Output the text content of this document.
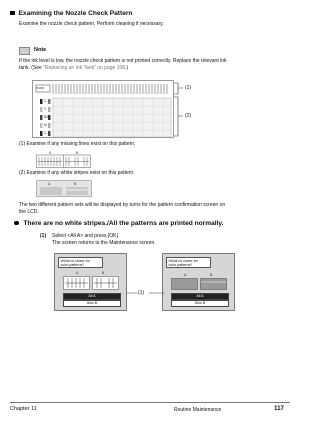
Examining the Nozzle Check Pattern
Examine the nozzle check pattern. Perform cleaning if necessary.
Note
If the ink level is low, the nozzle check pattern is not printed correctly. Replace the relevant ink
tank. (See "Replacing an Ink Tank" on page 108.)
PGBK
C
Y
BK
M
C
(1)
(2)
(1) Examine if any missing lines exist on this pattern.
A	B
(2) Examine if any white stripes exist on this pattern.
A	B
The two different pattern sets will be displayed by turns for the pattern confirmation screen on
the LCD.
There are no white stripes./All the patterns are printed normally.
(1) Select <All A> and press [OK].
The screen returns to the Maintenance screen.
Which is closer for
color patterns?
A	B
All A
Also B
Which is closer for
color patterns?
A	B
All A
Also B
(1)
Chapter 11	Routine Maintenance	117
